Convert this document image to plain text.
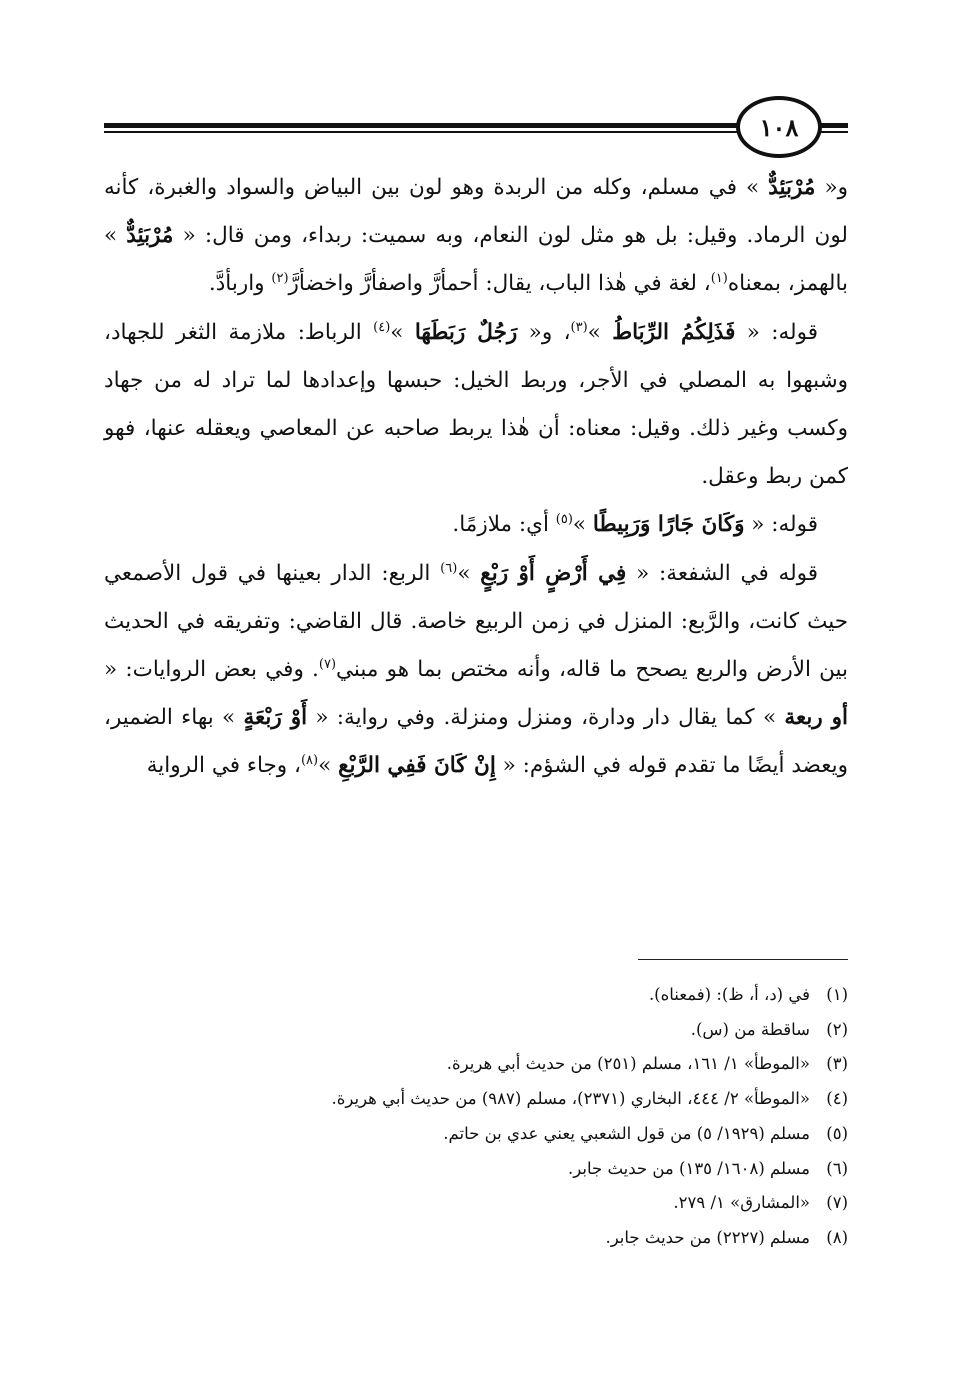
١٠٨

و« مُرْبَئِدٌّ » في مسلم، وكله من الربدة وهو لون بين البياض والسواد والغبرة، كأنه لون الرماد. وقيل: بل هو مثل لون النعام، وبه سميت: ربداء، ومن قال: « مُرْبَئِدٌّ » بالهمز، بمعناه$^{(١)}$، لغة في هٰذا الباب، يقال: أحمأرَّ واصفأرَّ واخضأرَّ$^{(٢)}$ واربأدَّ.

قوله: « فَذَلِكُمُ الرِّبَاطُ »$^{(٣)}$، و« رَجُلٌ رَبَطَهَا »$^{(٤)}$ الرباط: ملازمة الثغر للجهاد، وشبهوا به المصلي في الأجر، وربط الخيل: حبسها وإعدادها لما تراد له من جهاد وكسب وغير ذلك. وقيل: معناه: أن هٰذا يربط صاحبه عن المعاصي ويعقله عنها، فهو كمن ربط وعقل.

قوله: « وَكَانَ جَارًا وَرَبِيطًا »$^{(٥)}$ أي: ملازمًا.

قوله في الشفعة: « فِي أَرْضٍ أَوْ رَبْعٍ »$^{(٦)}$ الربع: الدار بعينها في قول الأصمعي حيث كانت، والرَّبع: المنزل في زمن الربيع خاصة. قال القاضي: وتفريقه في الحديث بين الأرض والربع يصحح ما قاله، وأنه مختص بما هو مبني$^{(٧)}$. وفي بعض الروايات: « أو ربعة » كما يقال دار ودارة، ومنزل ومنزلة. وفي رواية: « أَوْ رَبْعَةٍ » بهاء الضمير، ويعضد أيضًا ما تقدم قوله في الشؤم: « إِنْ كَانَ فَفِي الرَّبْعِ »$^{(٨)}$، وجاء في الرواية

(١)
في (د، أ، ظ): (فمعناه).
(٢)
ساقطة من (س).
(٣)
«الموطأ» ١/ ١٦١، مسلم (٢٥١) من حديث أبي هريرة.
(٤)
«الموطأ» ٢/ ٤٤٤، البخاري (٢٣٧١)، مسلم (٩٨٧) من حديث أبي هريرة.
(٥)
مسلم (١٩٢٩/ ٥) من قول الشعبي يعني عدي بن حاتم.
(٦)
مسلم (١٦٠٨/ ١٣٥) من حديث جابر.
(٧)
«المشارق» ١/ ٢٧٩.
(٨)
مسلم (٢٢٢٧) من حديث جابر.
